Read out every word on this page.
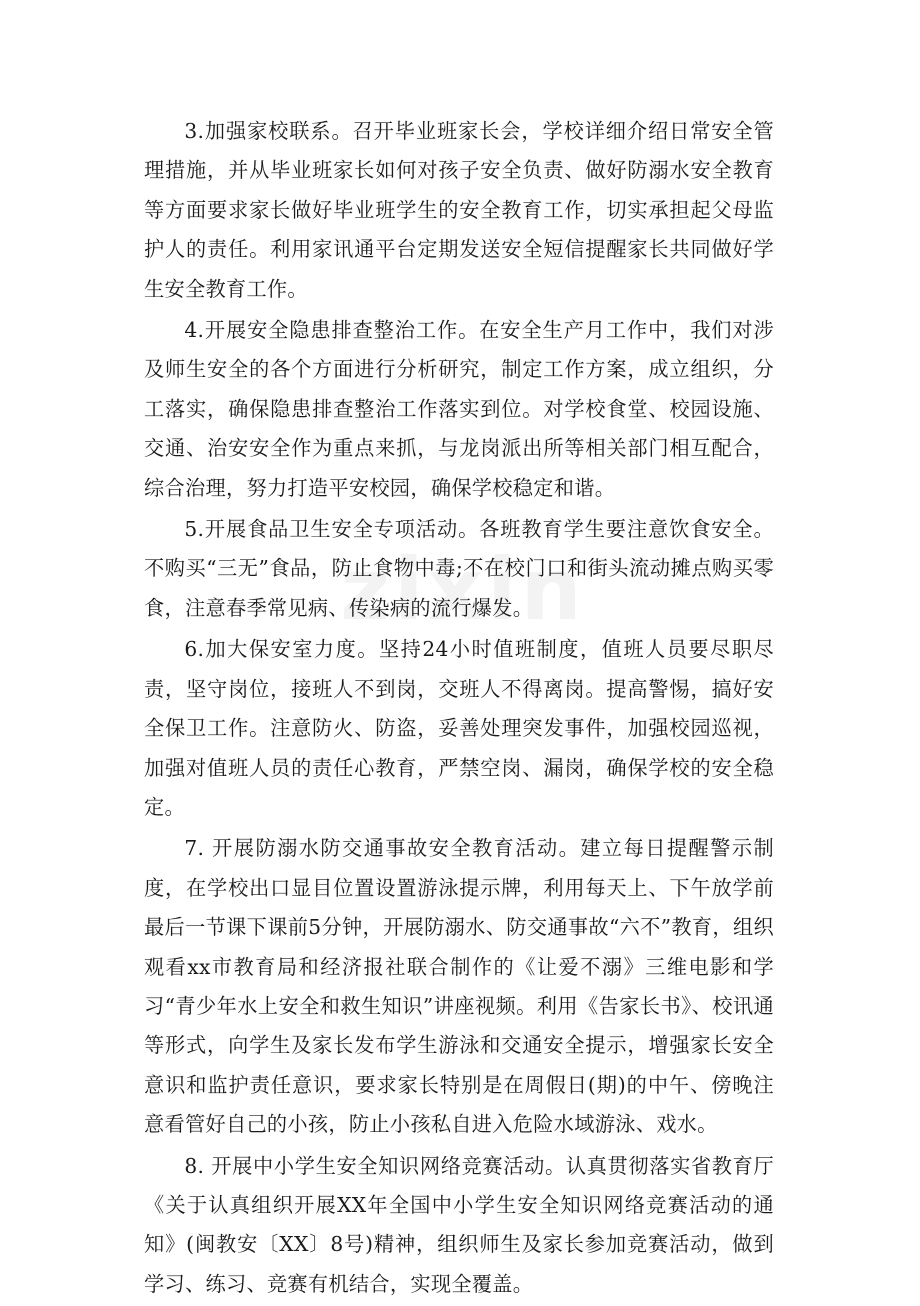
3.加强家校联系。召开毕业班家长会，学校详细介绍日常安全管理措施，并从毕业班家长如何对孩子安全负责、做好防溺水安全教育等方面要求家长做好毕业班学生的安全教育工作，切实承担起父母监护人的责任。利用家讯通平台定期发送安全短信提醒家长共同做好学生安全教育工作。

4.开展安全隐患排查整治工作。在安全生产月工作中，我们对涉及师生安全的各个方面进行分析研究，制定工作方案，成立组织，分工落实，确保隐患排查整治工作落实到位。对学校食堂、校园设施、交通、治安安全作为重点来抓，与龙岗派出所等相关部门相互配合，综合治理，努力打造平安校园，确保学校稳定和谐。

5.开展食品卫生安全专项活动。各班教育学生要注意饮食安全。不购买“三无”食品，防止食物中毒;不在校门口和街头流动摊点购买零食，注意春季常见病、传染病的流行爆发。

6.加大保安室力度。坚持24小时值班制度，值班人员要尽职尽责，坚守岗位，接班人不到岗，交班人不得离岗。提高警惕，搞好安全保卫工作。注意防火、防盗，妥善处理突发事件，加强校园巡视，加强对值班人员的责任心教育，严禁空岗、漏岗，确保学校的安全稳定。

7. 开展防溺水防交通事故安全教育活动。建立每日提醒警示制度，在学校出口显目位置设置游泳提示牌，利用每天上、下午放学前最后一节课下课前5分钟，开展防溺水、防交通事故“六不”教育，组织观看xx市教育局和经济报社联合制作的《让爱不溺》三维电影和学习“青少年水上安全和救生知识”讲座视频。利用《告家长书》、校讯通等形式，向学生及家长发布学生游泳和交通安全提示，增强家长安全意识和监护责任意识，要求家长特别是在周假日(期)的中午、傍晚注意看管好自己的小孩，防止小孩私自进入危险水域游泳、戏水。

8. 开展中小学生安全知识网络竞赛活动。认真贯彻落实省教育厅《关于认真组织开展XX年全国中小学生安全知识网络竞赛活动的通知》(闽教安〔XX〕8号)精神，组织师生及家长参加竞赛活动，做到学习、练习、竞赛有机结合，实现全覆盖。
